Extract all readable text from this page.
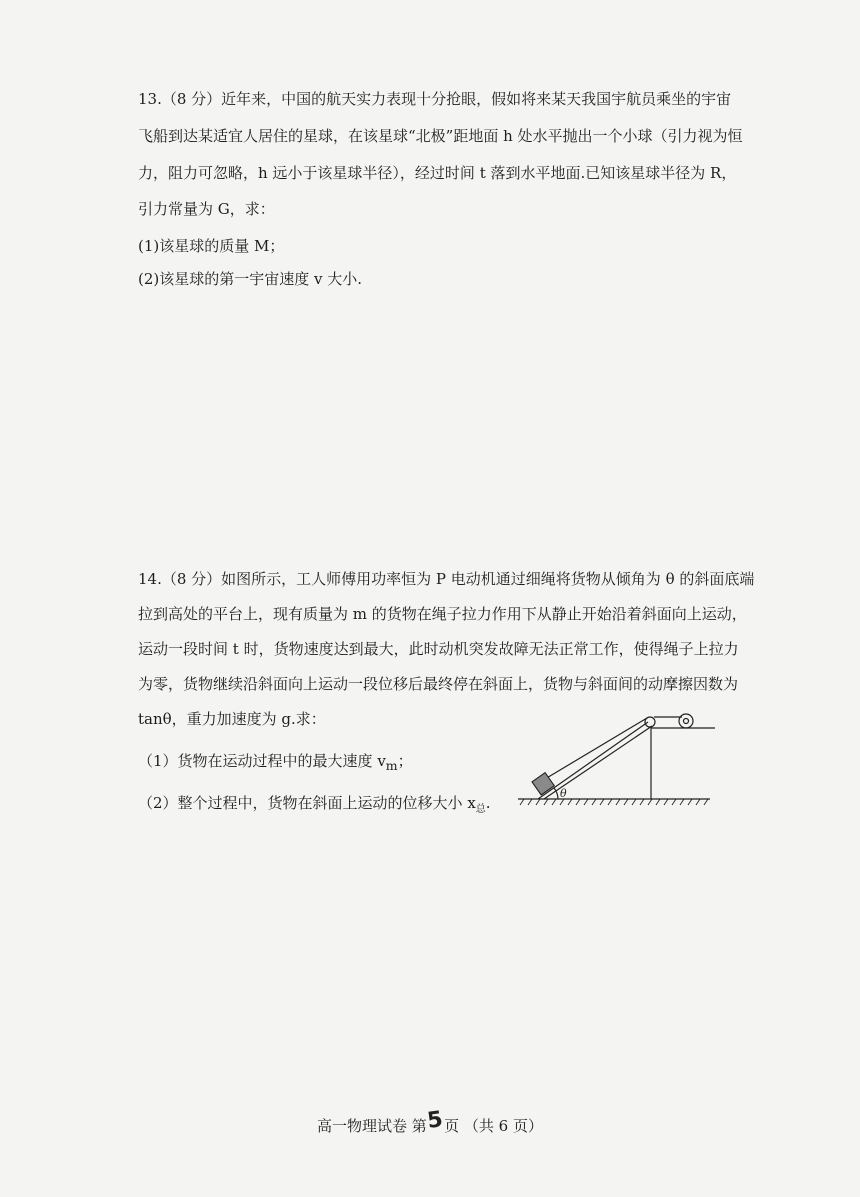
13.（8 分）近年来，中国的航天实力表现十分抢眼，假如将来某天我国宇航员乘坐的宇宙
飞船到达某适宜人居住的星球，在该星球“北极”距地面 h 处水平抛出一个小球（引力视为恒
力，阻力可忽略，h 远小于该星球半径），经过时间 t 落到水平地面.已知该星球半径为 R，
引力常量为 G，求：
(1)该星球的质量 M；
(2)该星球的第一宇宙速度 v 大小.
14.（8 分）如图所示，工人师傅用功率恒为 P 电动机通过细绳将货物从倾角为 θ 的斜面底端
拉到高处的平台上，现有质量为 m 的货物在绳子拉力作用下从静止开始沿着斜面向上运动，
运动一段时间 t 时，货物速度达到最大，此时动机突发故障无法正常工作，使得绳子上拉力
为零，货物继续沿斜面向上运动一段位移后最终停在斜面上，货物与斜面间的动摩擦因数为
tanθ，重力加速度为 g.求：
（1）货物在运动过程中的最大速度 $v_m$；
（2）整个过程中，货物在斜面上运动的位移大小 $x_总$.
θ
高一物理试卷 第5页 （共 6 页）
